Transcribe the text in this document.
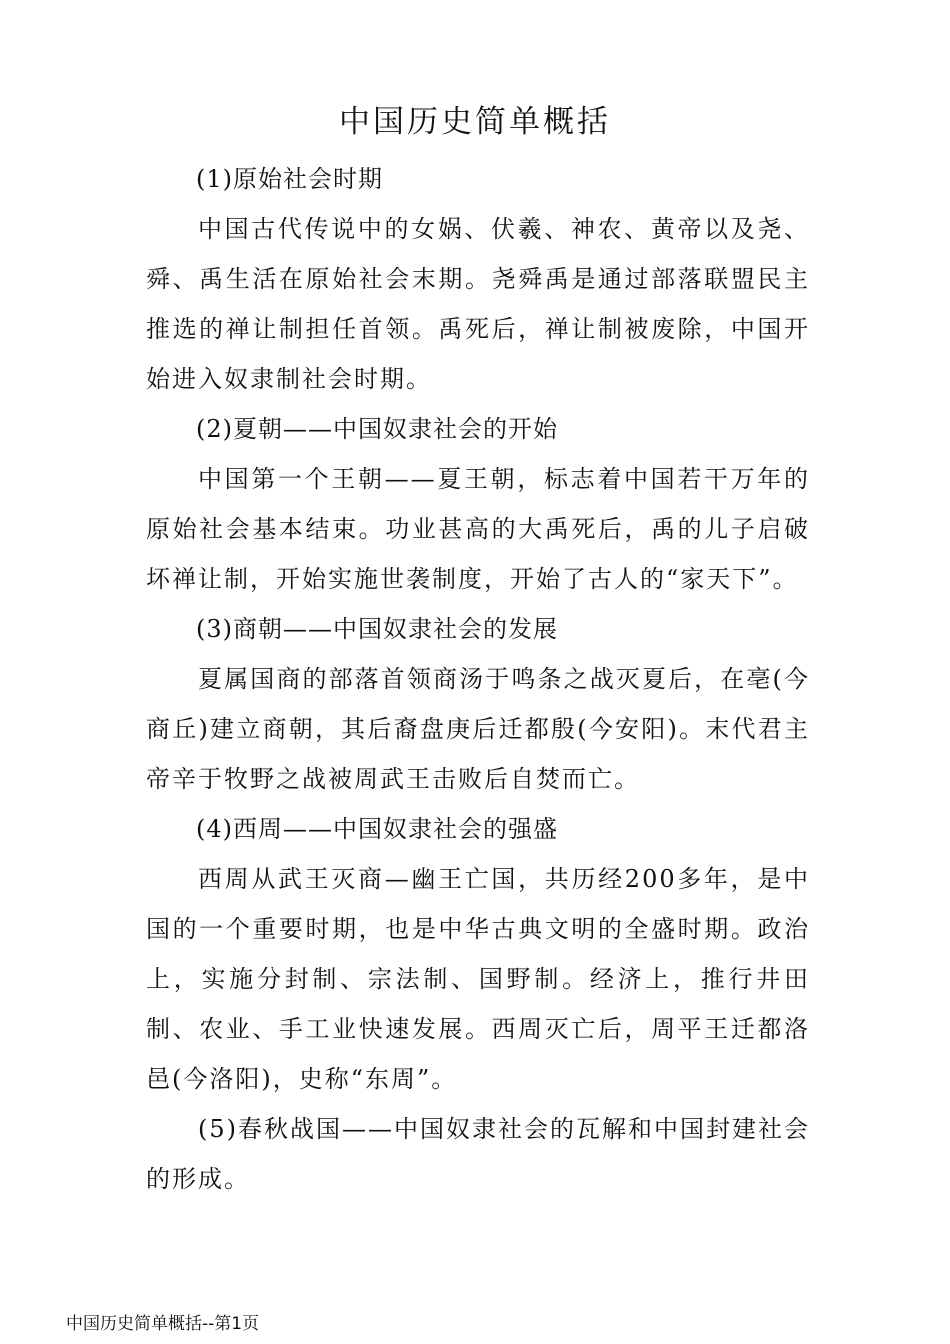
中国历史简单概括

(1)原始社会时期

中国古代传说中的女娲、伏羲、神农、黄帝以及尧、舜、禹生活在原始社会末期。尧舜禹是通过部落联盟民主推选的禅让制担任首领。禹死后，禅让制被废除，中国开始进入奴隶制社会时期。

(2)夏朝——中国奴隶社会的开始

中国第一个王朝——夏王朝，标志着中国若干万年的原始社会基本结束。功业甚高的大禹死后，禹的儿子启破坏禅让制，开始实施世袭制度，开始了古人的“家天下”。

(3)商朝——中国奴隶社会的发展

夏属国商的部落首领商汤于鸣条之战灭夏后，在亳(今商丘)建立商朝，其后裔盘庚后迁都殷(今安阳)。末代君主帝辛于牧野之战被周武王击败后自焚而亡。

(4)西周——中国奴隶社会的强盛

西周从武王灭商—幽王亡国，共历经200多年，是中国的一个重要时期，也是中华古典文明的全盛时期。政治上，实施分封制、宗法制、国野制。经济上，推行井田制、农业、手工业快速发展。西周灭亡后，周平王迁都洛邑(今洛阳)，史称“东周”。

(5)春秋战国——中国奴隶社会的瓦解和中国封建社会的形成。

中国历史简单概括--第1页
